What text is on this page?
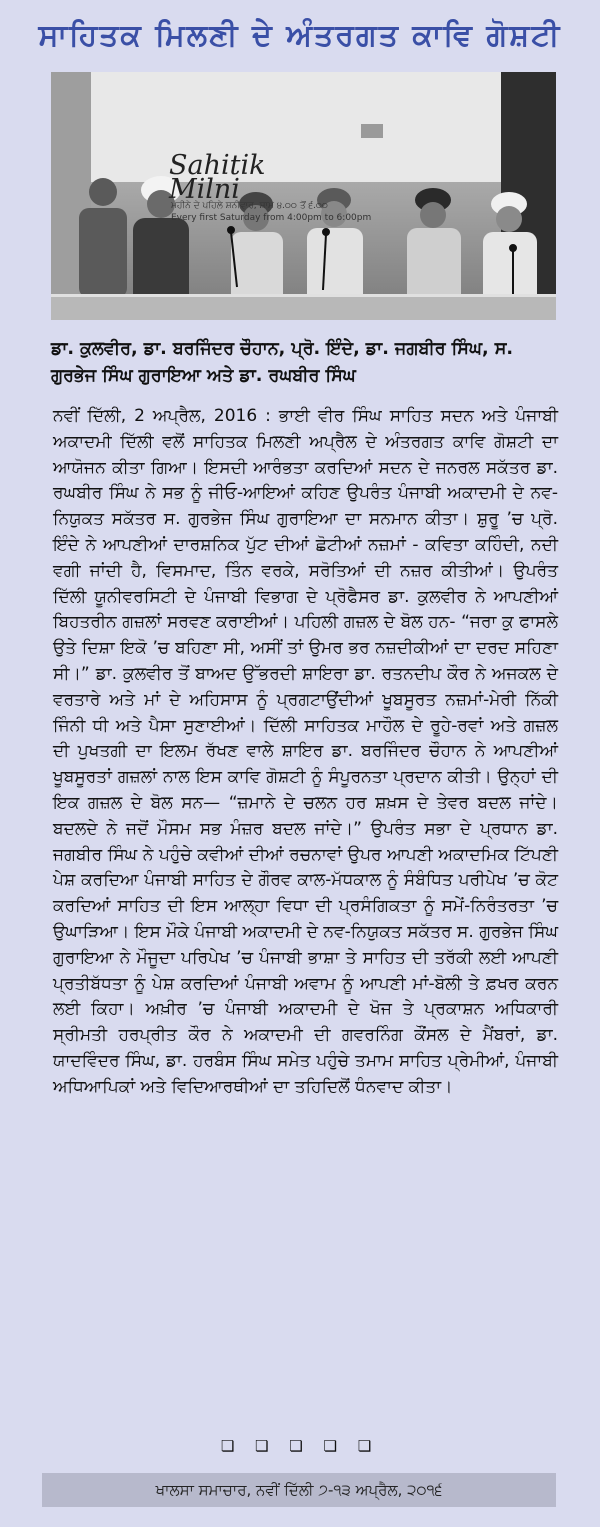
ਸਾਹਿਤਕ ਮਿਲਣੀ ਦੇ ਅੰਤਰਗਤ ਕਾਵਿ ਗੋਸ਼ਟੀ
Sahitik
Milni
ਮਹੀਨੇ ਦੇ ਪਹਿਲੇ ਸ਼ਨੀਵਾਰ, ਸ਼ਾਮ ੪.੦੦ ਤੋਂ ੬.੦੦
Every first Saturday from 4:00pm to 6:00pm
ਡਾ. ਕੁਲਵੀਰ, ਡਾ. ਬਰਜਿੰਦਰ ਚੌਹਾਨ, ਪ੍ਰੋ. ਇੰਦੇ, ਡਾ. ਜਗਬੀਰ ਸਿੰਘ, ਸ. ਗੁਰਭੇਜ ਸਿੰਘ ਗੁਰਾਇਆ ਅਤੇ ਡਾ. ਰਘਬੀਰ ਸਿੰਘ
ਨਵੀਂ ਦਿੱਲੀ, 2 ਅਪ੍ਰੈਲ, 2016 : ਭਾਈ ਵੀਰ ਸਿੰਘ ਸਾਹਿਤ ਸਦਨ ਅਤੇ ਪੰਜਾਬੀ ਅਕਾਦਮੀ ਦਿੱਲੀ ਵਲੋਂ ਸਾਹਿਤਕ ਮਿਲਣੀ ਅਪ੍ਰੈਲ ਦੇ ਅੰਤਰਗਤ ਕਾਵਿ ਗੋਸ਼ਟੀ ਦਾ ਆਯੋਜਨ ਕੀਤਾ ਗਿਆ। ਇਸਦੀ ਆਰੰਭਤਾ ਕਰਦਿਆਂ ਸਦਨ ਦੇ ਜਨਰਲ ਸਕੱਤਰ ਡਾ. ਰਘਬੀਰ ਸਿੰਘ ਨੇ ਸਭ ਨੂੰ ਜੀਓ-ਆਇਆਂ ਕਹਿਣ ਉਪਰੰਤ ਪੰਜਾਬੀ ਅਕਾਦਮੀ ਦੇ ਨਵ-ਨਿਯੁਕਤ ਸਕੱਤਰ ਸ. ਗੁਰਭੇਜ ਸਿੰਘ ਗੁਰਾਇਆ ਦਾ ਸਨਮਾਨ ਕੀਤਾ। ਸ਼ੁਰੂ ’ਚ ਪ੍ਰੋ. ਇੰਦੇ ਨੇ ਆਪਣੀਆਂ ਦਾਰਸ਼ਨਿਕ ਪੁੱਟ ਦੀਆਂ ਛੋਟੀਆਂ ਨਜ਼ਮਾਂ - ਕਵਿਤਾ ਕਹਿੰਦੀ, ਨਦੀ ਵਗੀ ਜਾਂਦੀ ਹੈ, ਵਿਸਮਾਦ, ਤਿੰਨ ਵਰਕੇ, ਸਰੋਤਿਆਂ ਦੀ ਨਜ਼ਰ ਕੀਤੀਆਂ। ਉਪਰੰਤ ਦਿੱਲੀ ਯੂਨੀਵਰਸਿਟੀ ਦੇ ਪੰਜਾਬੀ ਵਿਭਾਗ ਦੇ ਪ੍ਰੋਫੈਸਰ ਡਾ. ਕੁਲਵੀਰ ਨੇ ਆਪਣੀਆਂ ਬਿਹਤਰੀਨ ਗਜ਼ਲਾਂ ਸਰਵਣ ਕਰਾਈਆਂ। ਪਹਿਲੀ ਗਜ਼ਲ ਦੇ ਬੋਲ ਹਨ- “ਜਰਾ ਕੁ ਫਾਸਲੇ ਉਤੇ ਦਿਸ਼ਾ ਇਕੋ ’ਚ ਬਹਿਣਾ ਸੀ, ਅਸੀਂ ਤਾਂ ਉਮਰ ਭਰ ਨਜ਼ਦੀਕੀਆਂ ਦਾ ਦਰਦ ਸਹਿਣਾ ਸੀ।” ਡਾ. ਕੁਲਵੀਰ ਤੋਂ ਬਾਅਦ ਉੱਭਰਦੀ ਸ਼ਾਇਰਾ ਡਾ. ਰਤਨਦੀਪ ਕੌਰ ਨੇ ਅਜਕਲ ਦੇ ਵਰਤਾਰੇ ਅਤੇ ਮਾਂ ਦੇ ਅਹਿਸਾਸ ਨੂੰ ਪ੍ਰਗਟਾਉਂਦੀਆਂ ਖੂਬਸੂਰਤ ਨਜ਼ਮਾਂ-ਮੇਰੀ ਨਿੱਕੀ ਜਿੰਨੀ ਧੀ ਅਤੇ ਪੈਸਾ ਸੁਣਾਈਆਂ। ਦਿੱਲੀ ਸਾਹਿਤਕ ਮਾਹੌਲ ਦੇ ਰੂਹੇ-ਰਵਾਂ ਅਤੇ ਗਜ਼ਲ ਦੀ ਪੁਖਤਗੀ ਦਾ ਇਲਮ ਰੱਖਣ ਵਾਲੇ ਸ਼ਾਇਰ ਡਾ. ਬਰਜਿੰਦਰ ਚੌਹਾਨ ਨੇ ਆਪਣੀਆਂ ਖੂਬਸੂਰਤਾਂ ਗਜ਼ਲਾਂ ਨਾਲ ਇਸ ਕਾਵਿ ਗੋਸ਼ਟੀ ਨੂੰ ਸੰਪੂਰਨਤਾ ਪ੍ਰਦਾਨ ਕੀਤੀ। ਉਨ੍ਹਾਂ ਦੀ ਇਕ ਗਜ਼ਲ ਦੇ ਬੋਲ ਸਨ— “ਜ਼ਮਾਨੇ ਦੇ ਚਲਨ ਹਰ ਸ਼ਖ਼ਸ ਦੇ ਤੇਵਰ ਬਦਲ ਜਾਂਦੇ। ਬਦਲਦੇ ਨੇ ਜਦੋਂ ਮੌਸਮ ਸਭ ਮੰਜ਼ਰ ਬਦਲ ਜਾਂਦੇ।” ਉਪਰੰਤ ਸਭਾ ਦੇ ਪ੍ਰਧਾਨ ਡਾ. ਜਗਬੀਰ ਸਿੰਘ ਨੇ ਪਹੁੰਚੇ ਕਵੀਆਂ ਦੀਆਂ ਰਚਨਾਵਾਂ ਉਪਰ ਆਪਣੀ ਅਕਾਦਮਿਕ ਟਿੱਪਣੀ ਪੇਸ਼ ਕਰਦਿਆ ਪੰਜਾਬੀ ਸਾਹਿਤ ਦੇ ਗੌਰਵ ਕਾਲ-ਮੱਧਕਾਲ ਨੂੰ ਸੰਬੰਧਿਤ ਪਰੀਪੇਖ ’ਚ ਕੋਟ ਕਰਦਿਆਂ ਸਾਹਿਤ ਦੀ ਇਸ ਆਲ੍ਹਾ ਵਿਧਾ ਦੀ ਪ੍ਰਸੰਗਿਕਤਾ ਨੂੰ ਸਮੇਂ-ਨਿਰੰਤਰਤਾ ’ਚ ਉਘਾੜਿਆ। ਇਸ ਮੌਕੇ ਪੰਜਾਬੀ ਅਕਾਦਮੀ ਦੇ ਨਵ-ਨਿਯੁਕਤ ਸਕੱਤਰ ਸ. ਗੁਰਭੇਜ ਸਿੰਘ ਗੁਰਾਇਆ ਨੇ ਮੌਜੂਦਾ ਪਰਿਪੇਖ ’ਚ ਪੰਜਾਬੀ ਭਾਸ਼ਾ ਤੇ ਸਾਹਿਤ ਦੀ ਤਰੱਕੀ ਲਈ ਆਪਣੀ ਪ੍ਰਤੀਬੱਧਤਾ ਨੂੰ ਪੇਸ਼ ਕਰਦਿਆਂ ਪੰਜਾਬੀ ਅਵਾਮ ਨੂੰ ਆਪਣੀ ਮਾਂ-ਬੋਲੀ ਤੇ ਫ਼ਖਰ ਕਰਨ ਲਈ ਕਿਹਾ। ਅਖ਼ੀਰ ’ਚ ਪੰਜਾਬੀ ਅਕਾਦਮੀ ਦੇ ਖੋਜ ਤੇ ਪ੍ਰਕਾਸ਼ਨ ਅਧਿਕਾਰੀ ਸ੍ਰੀਮਤੀ ਹਰਪ੍ਰੀਤ ਕੌਰ ਨੇ ਅਕਾਦਮੀ ਦੀ ਗਵਰਨਿੰਗ ਕੌਂਸਲ ਦੇ ਮੈਂਬਰਾਂ, ਡਾ. ਯਾਦਵਿੰਦਰ ਸਿੰਘ, ਡਾ. ਹਰਬੰਸ ਸਿੰਘ ਸਮੇਤ ਪਹੁੰਚੇ ਤਮਾਮ ਸਾਹਿਤ ਪ੍ਰੇਮੀਆਂ, ਪੰਜਾਬੀ ਅਧਿਆਪਿਕਾਂ ਅਤੇ ਵਿਦਿਆਰਥੀਆਂ ਦਾ ਤਹਿਦਿਲੋਂ ਧੰਨਵਾਦ ਕੀਤਾ।
❏ ❏ ❏ ❏ ❏
ਖਾਲਸਾ ਸਮਾਚਾਰ, ਨਵੀਂ ਦਿੱਲੀ ੭-੧੩ ਅਪ੍ਰੈਲ, ੨੦੧੬
